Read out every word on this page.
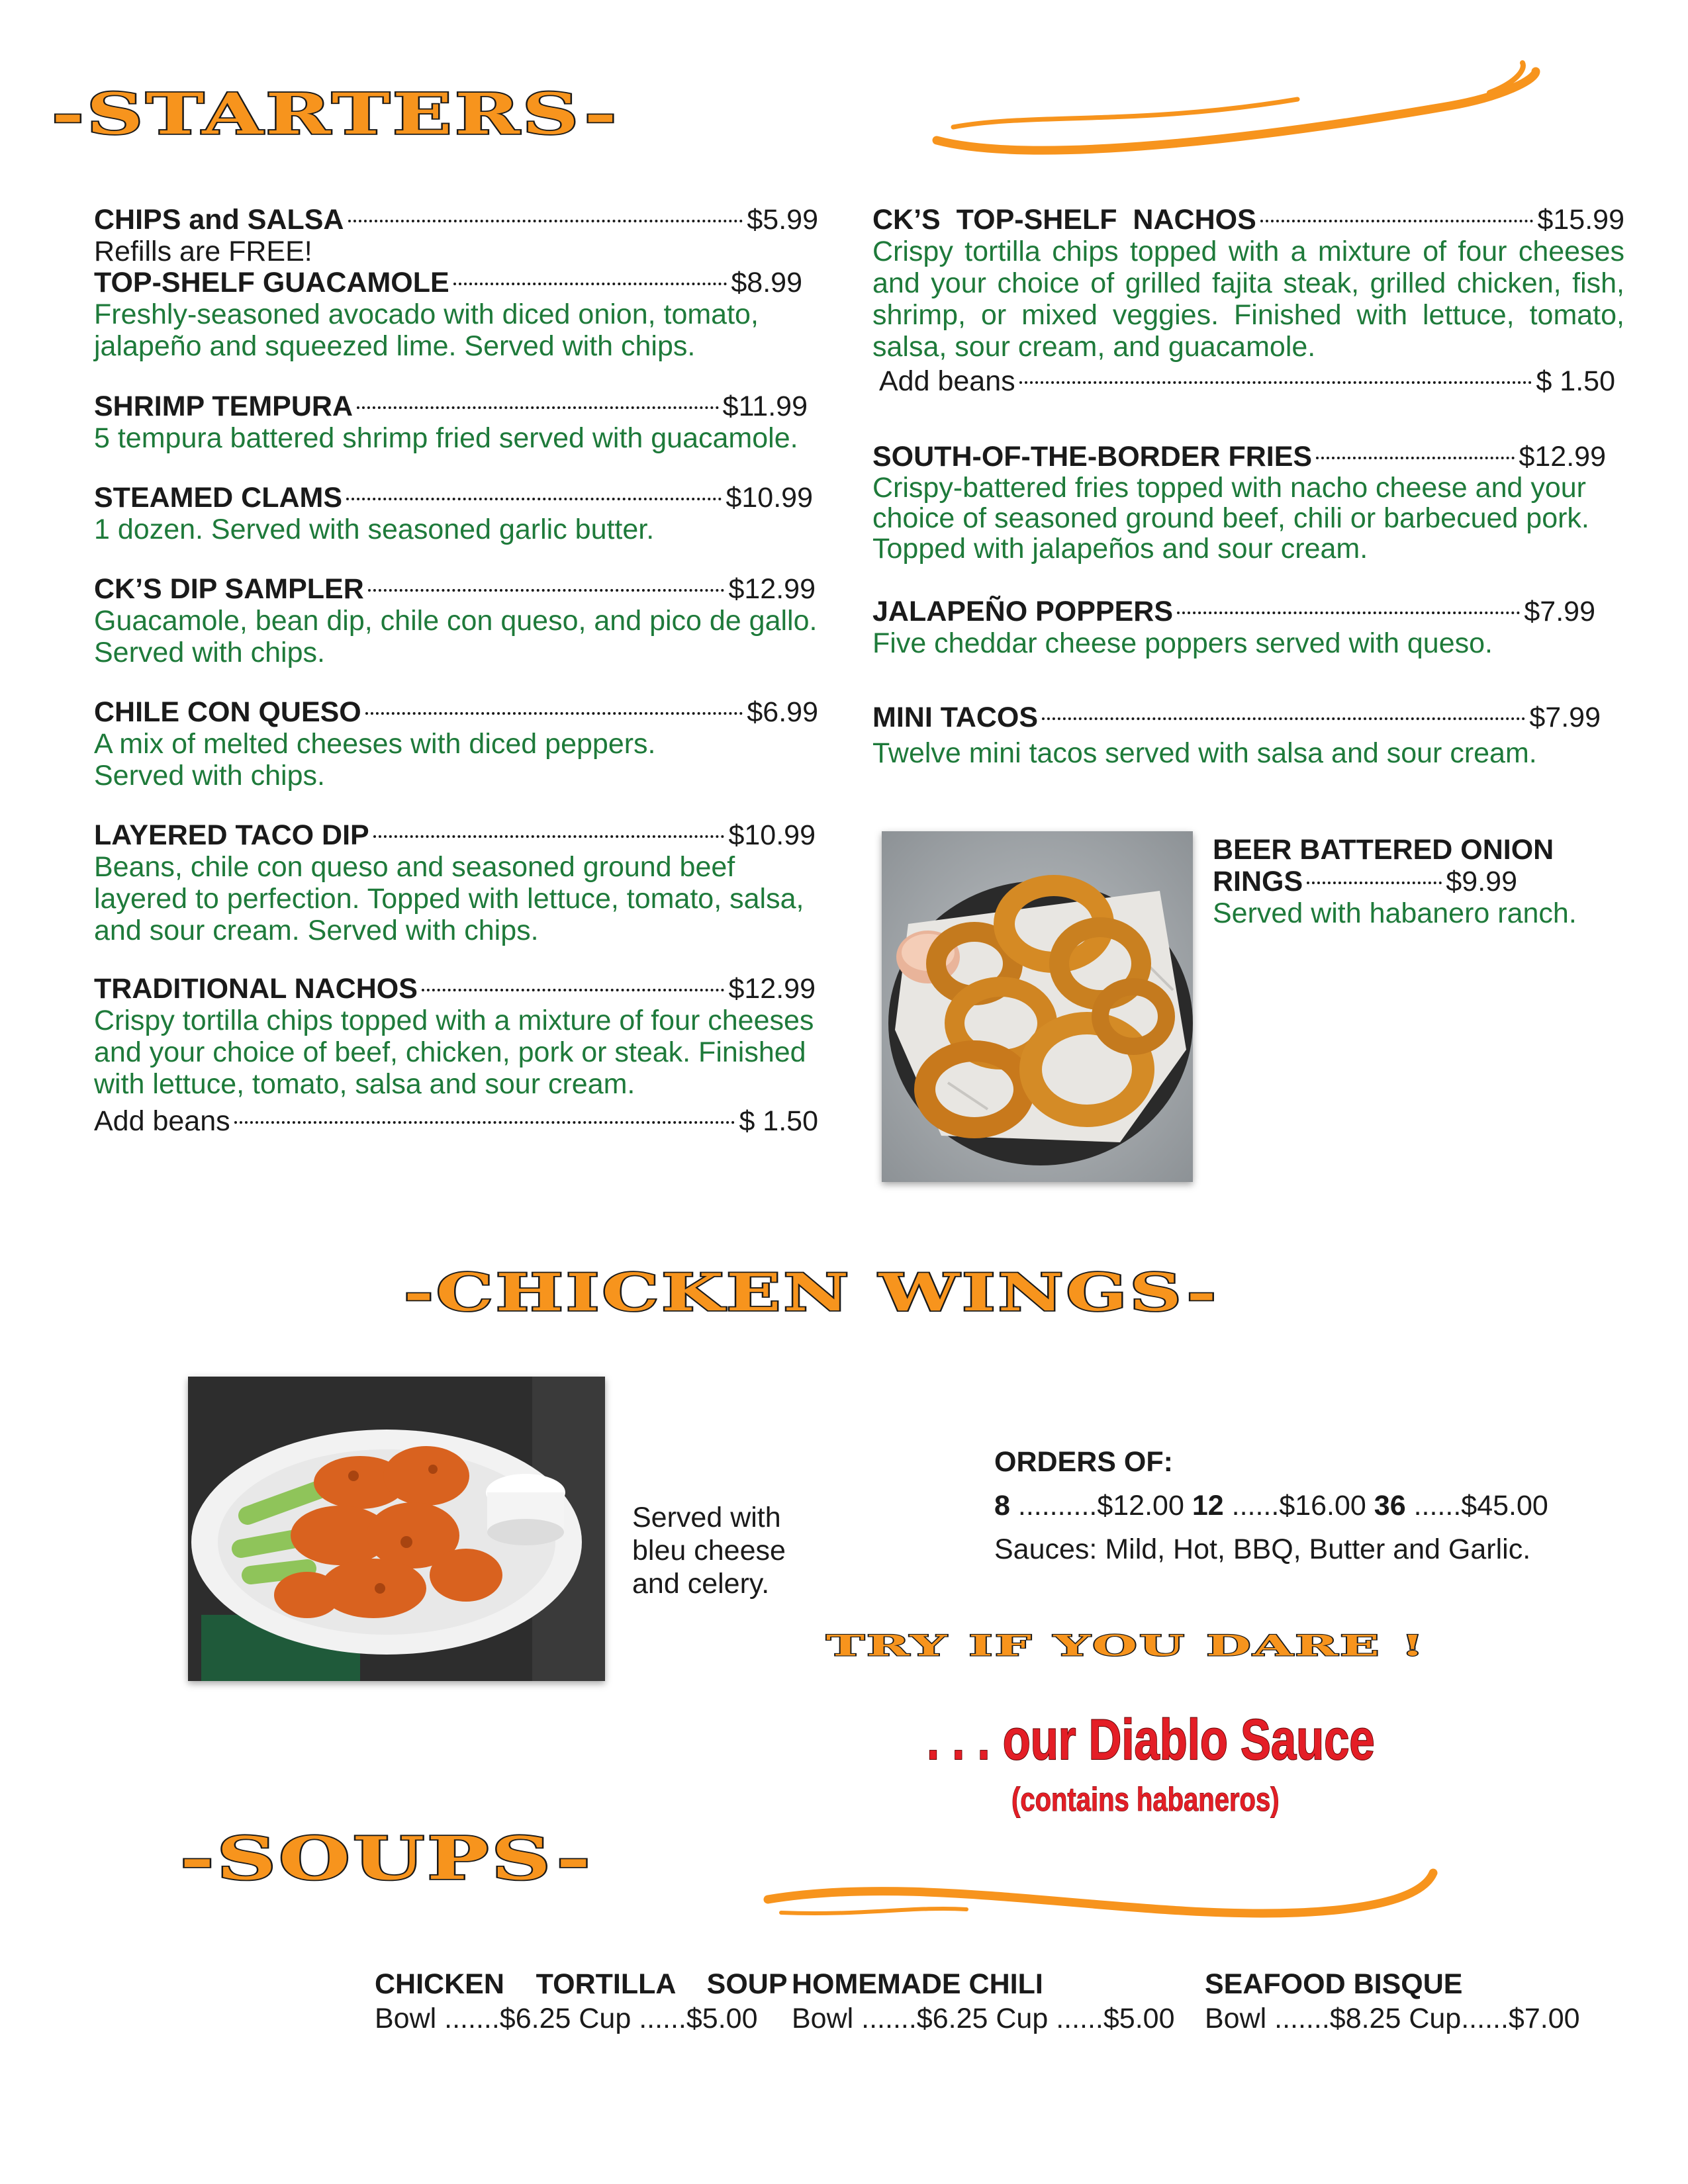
-STARTERS-
CHIPS and SALSA	$5.99
Refills are FREE!
TOP-SHELF GUACAMOLE	$8.99
Freshly-seasoned avocado with diced onion, tomato, jalapeño and squeezed lime. Served with chips.
SHRIMP TEMPURA	$11.99
5 tempura battered shrimp fried served with guacamole.
STEAMED CLAMS	$10.99
1 dozen. Served with seasoned garlic butter.
CK’S DIP SAMPLER	$12.99
Guacamole, bean dip, chile con queso, and pico de gallo. Served with chips.
CHILE CON QUESO	$6.99
A mix of melted cheeses with diced peppers. Served with chips.
LAYERED TACO DIP	$10.99
Beans, chile con queso and seasoned ground beef layered to perfection. Topped with lettuce, tomato, salsa, and sour cream. Served with chips.
TRADITIONAL NACHOS	$12.99
Crispy tortilla chips topped with a mixture of four cheeses and your choice of beef, chicken, pork or steak. Finished with lettuce, tomato, salsa and sour cream.
Add beans	$ 1.50
CK’S  TOP-SHELF  NACHOS	$15.99
Crispy tortilla chips topped with a mixture of four cheeses and your choice of grilled fajita steak, grilled chicken, fish, shrimp, or mixed veggies. Finished with lettuce, tomato, salsa, sour cream, and guacamole.
Add beans	$ 1.50
SOUTH-OF-THE-BORDER FRIES	$12.99
Crispy-battered fries topped with nacho cheese and your choice of seasoned ground beef, chili or barbecued pork. Topped with jalapeños and sour cream.
JALAPEÑO POPPERS	$7.99
Five cheddar cheese poppers served with queso.
MINI TACOS	$7.99
Twelve mini tacos served with salsa and sour cream.
BEER BATTERED ONION
RINGS	$9.99
Served with habanero ranch.
-CHICKEN WINGS-
Served with
bleu cheese
and celery.
ORDERS OF:
8 ..........$12.00 12 ......$16.00 36 ......$45.00
Sauces: Mild, Hot, BBQ, Butter and Garlic.
TRY IF YOU DARE !
. . . our Diablo Sauce
(contains habaneros)
-SOUPS-
CHICKEN    TORTILLA    SOUP
Bowl .......$6.25 Cup ......$5.00
HOMEMADE CHILI
Bowl .......$6.25 Cup ......$5.00
SEAFOOD BISQUE
Bowl .......$8.25 Cup......$7.00
